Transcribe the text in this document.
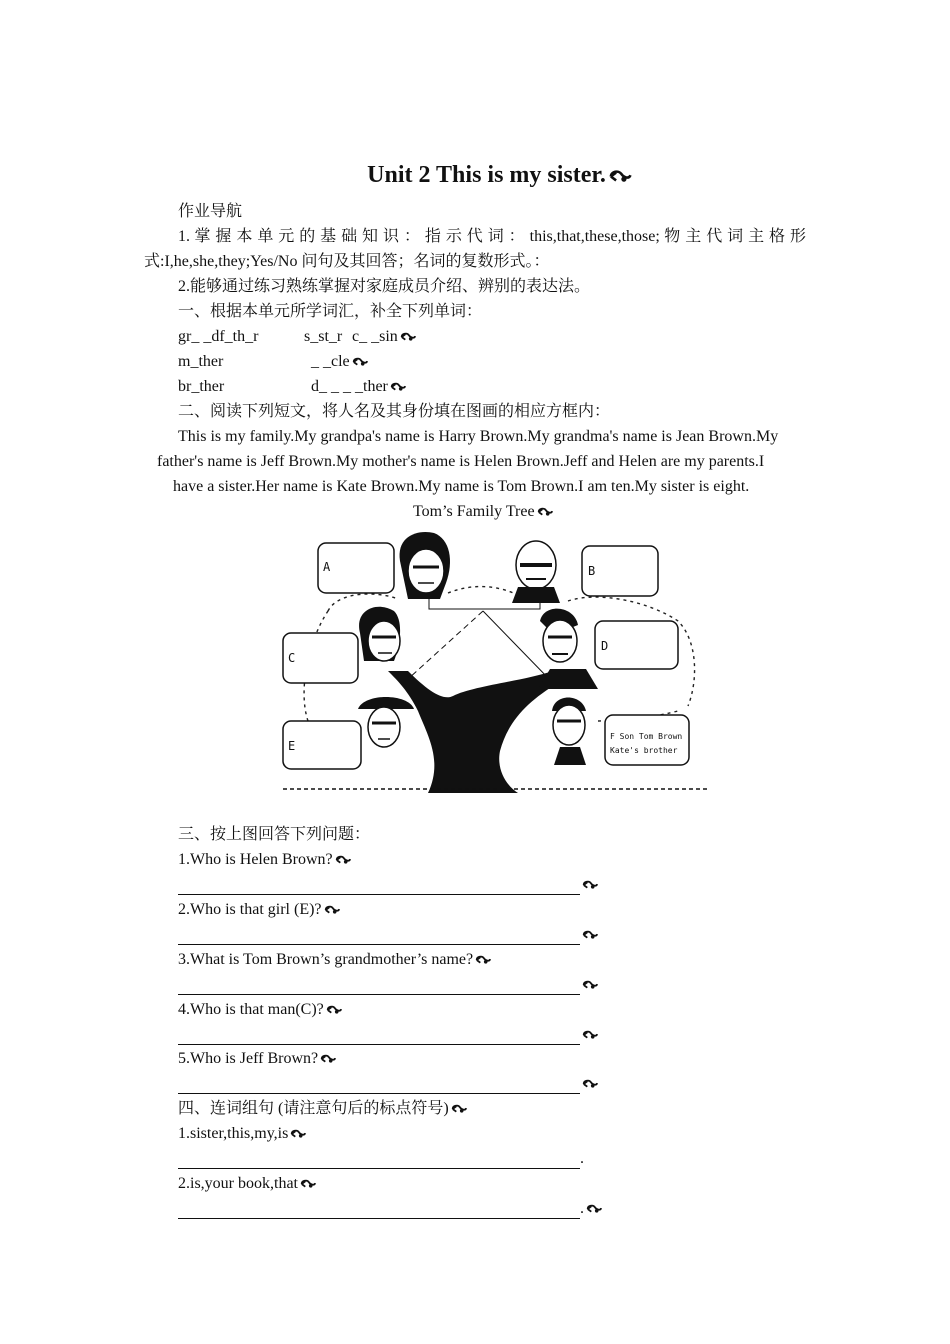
Unit 2 This is my sister.
作业导航
1. 掌 握 本 单 元 的 基 础 知 识 ： 指 示 代 词 ： this,that,these,those; 物 主 代 词 主 格 形
式:I,he,she,they;Yes/No 问句及其回答；名词的复数形式。：
2.能够通过练习熟练掌握对家庭成员介绍、辨别的表达法。
一、根据本单元所学词汇，补全下列单词：
gr_ _df_th_r	s_st_r c_ _sin
m_ther	_ _cle
br_ther	d_ _ _ _ther
二、阅读下列短文，将人名及其身份填在图画的相应方框内：
This is my family.My grandpa's name is Harry Brown.My grandma's name is Jean Brown.My
father's name is Jeff Brown.My mother's name is Helen Brown.Jeff and Helen are my parents.I
have a sister.Her name is Kate Brown.My name is Tom Brown.I am ten.My sister is eight.
Tom’s Family Tree
A	B
C
D
E
F Son Tom Brown
Kate's brother
三、按上图回答下列问题：
1.Who is Helen Brown?
2.Who is that girl (E)?
3.What is Tom Brown’s grandmother’s name?
4.Who is that man(C)?
5.Who is Jeff Brown?
四、连词组句 (请注意句后的标点符号)
1.sister,this,my,is
.
2.is,your book,that
.
